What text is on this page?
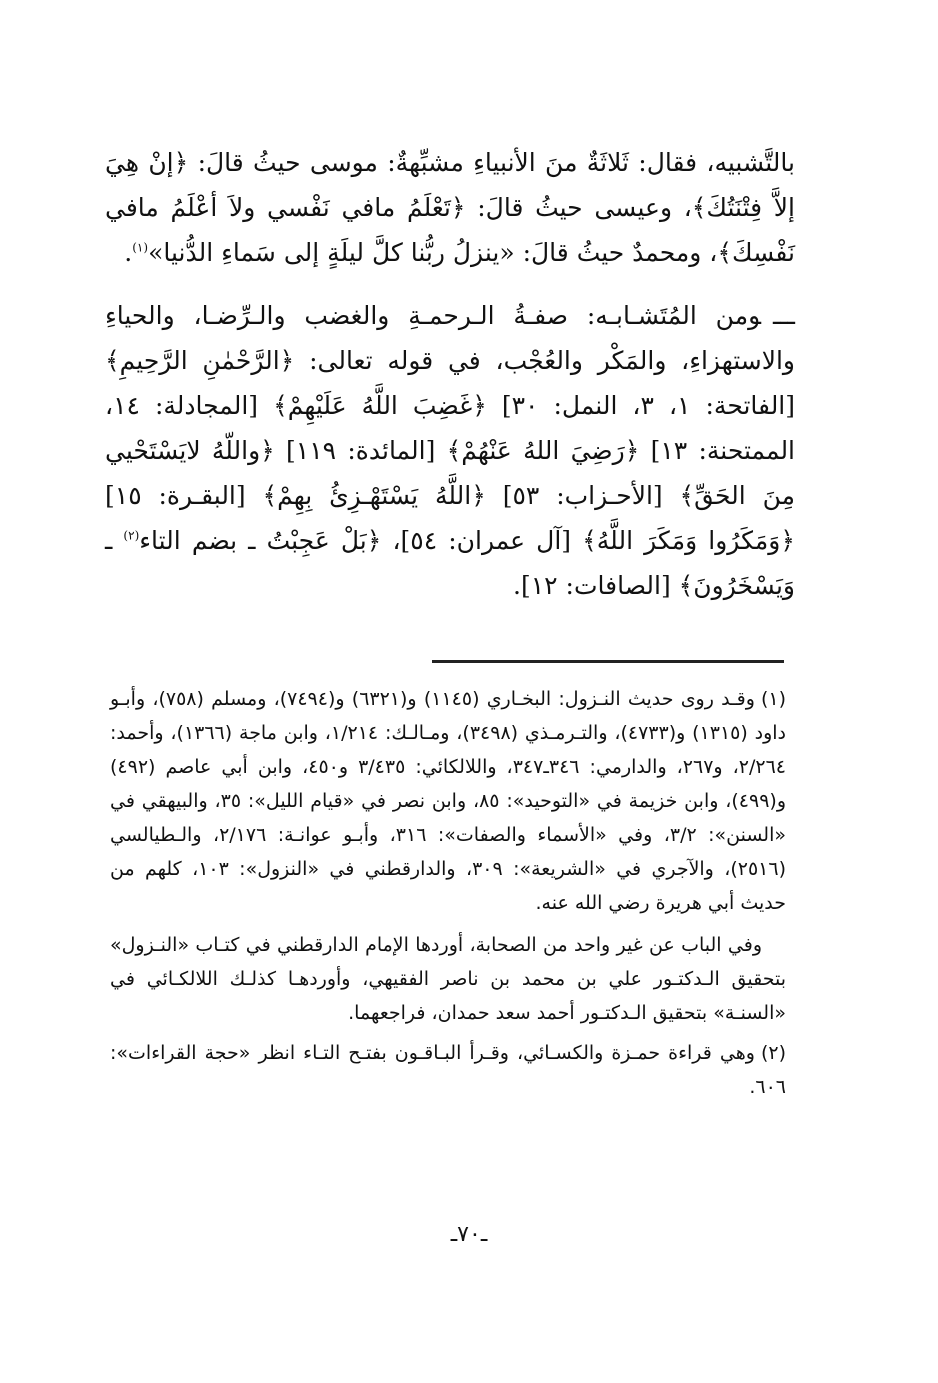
بالتَّشبيه، فقال: ثَلاثَةٌ منَ الأنبياءِ مشبِّهةٌ: موسى حيثُ قالَ: ﴿إنْ هِيَ إلاَّ فِتْنَتُكَ﴾، وعيسى حيثُ قالَ: ﴿تَعْلَمُ مافي نَفْسي ولاَ أعْلَمُ مافي نَفْسِكَ﴾، ومحمدٌ حيثُ قالَ: «ينزلُ ربُّنا كلَّ ليلَةٍ إلى سَماءِ الدُّنيا»$^{(١)}$.

ـــومن المُتَشـابـه: صفـةُ الـرحمـةِ والغضب والـرِّضـا، والحياءِ والاستهزاءِ، والمَكْر والعُجْب، في قوله تعالى: ﴿الرَّحْمٰنِ الرَّحِيمِ﴾ [الفاتحة: ١، ٣، النمل: ٣٠] ﴿غَضِبَ اللَّهُ عَلَيْهِمْ﴾ [المجادلة: ١٤، الممتحنة: ١٣] ﴿رَضِيَ اللهُ عَنْهُمْ﴾ [المائدة: ١١٩] ﴿واللّهُ لايَسْتَحْيي مِنَ الحَقِّ﴾ [الأحـزاب: ٥٣] ﴿اللَّهُ يَسْتَهْـزِئُ بِهِمْ﴾ [البقـرة: ١٥] ﴿وَمَكَرُوا وَمَكَرَ اللَّهُ﴾ [آل عمران: ٥٤]، ﴿بَلْ عَجِبْتُ ـ بضم التاء$^{(٢)}$ ـ وَيَسْخَرُونَ﴾ [الصافات: ١٢].

(١)وقـد روى حديث النـزول: البخـاري (١١٤٥) و(٦٣٢١) و(٧٤٩٤)، ومسلم (٧٥٨)، وأبـو داود (١٣١٥) و(٤٧٣٣)، والتـرمـذي (٣٤٩٨)، ومـالـك: ١/٢١٤، وابن ماجة (١٣٦٦)، وأحمد: ٢/٢٦٤، و٢٦٧، والدارمي: ٣٤٦ـ٣٤٧، واللالكائي: ٣/٤٣٥ و٤٥٠، وابن أبي عاصم (٤٩٢) و(٤٩٩)، وابن خزيمة في «التوحيد»: ٨٥، وابن نصر في «قيام الليل»: ٣٥، والبيهقي في «السنن»: ٣/٢، وفي «الأسماء والصفات»: ٣١٦، وأبـو عوانـة: ٢/١٧٦، والـطيالسي (٢٥١٦)، والآجري في «الشريعة»: ٣٠٩، والدارقطني في «النزول»: ١٠٣، كلهم من حديث أبي هريرة رضي الله عنه.

وفي الباب عن غير واحد من الصحابة، أوردها الإمام الدارقطني في كتـاب «النـزول» بتحقيق الـدكتـور علي بن محمد بن ناصر الفقيهي، وأوردهـا كذلـك اللالكـائي في «السنـة» بتحقيق الـدكتـور أحمد سعد حمدان، فراجعهما.

(٢)وهي قراءة حمـزة والكسـائي، وقـرأ البـاقـون بفتـح التـاء انظر «حجة القراءات»: ٦٠٦.

ـ٧٠ـ
